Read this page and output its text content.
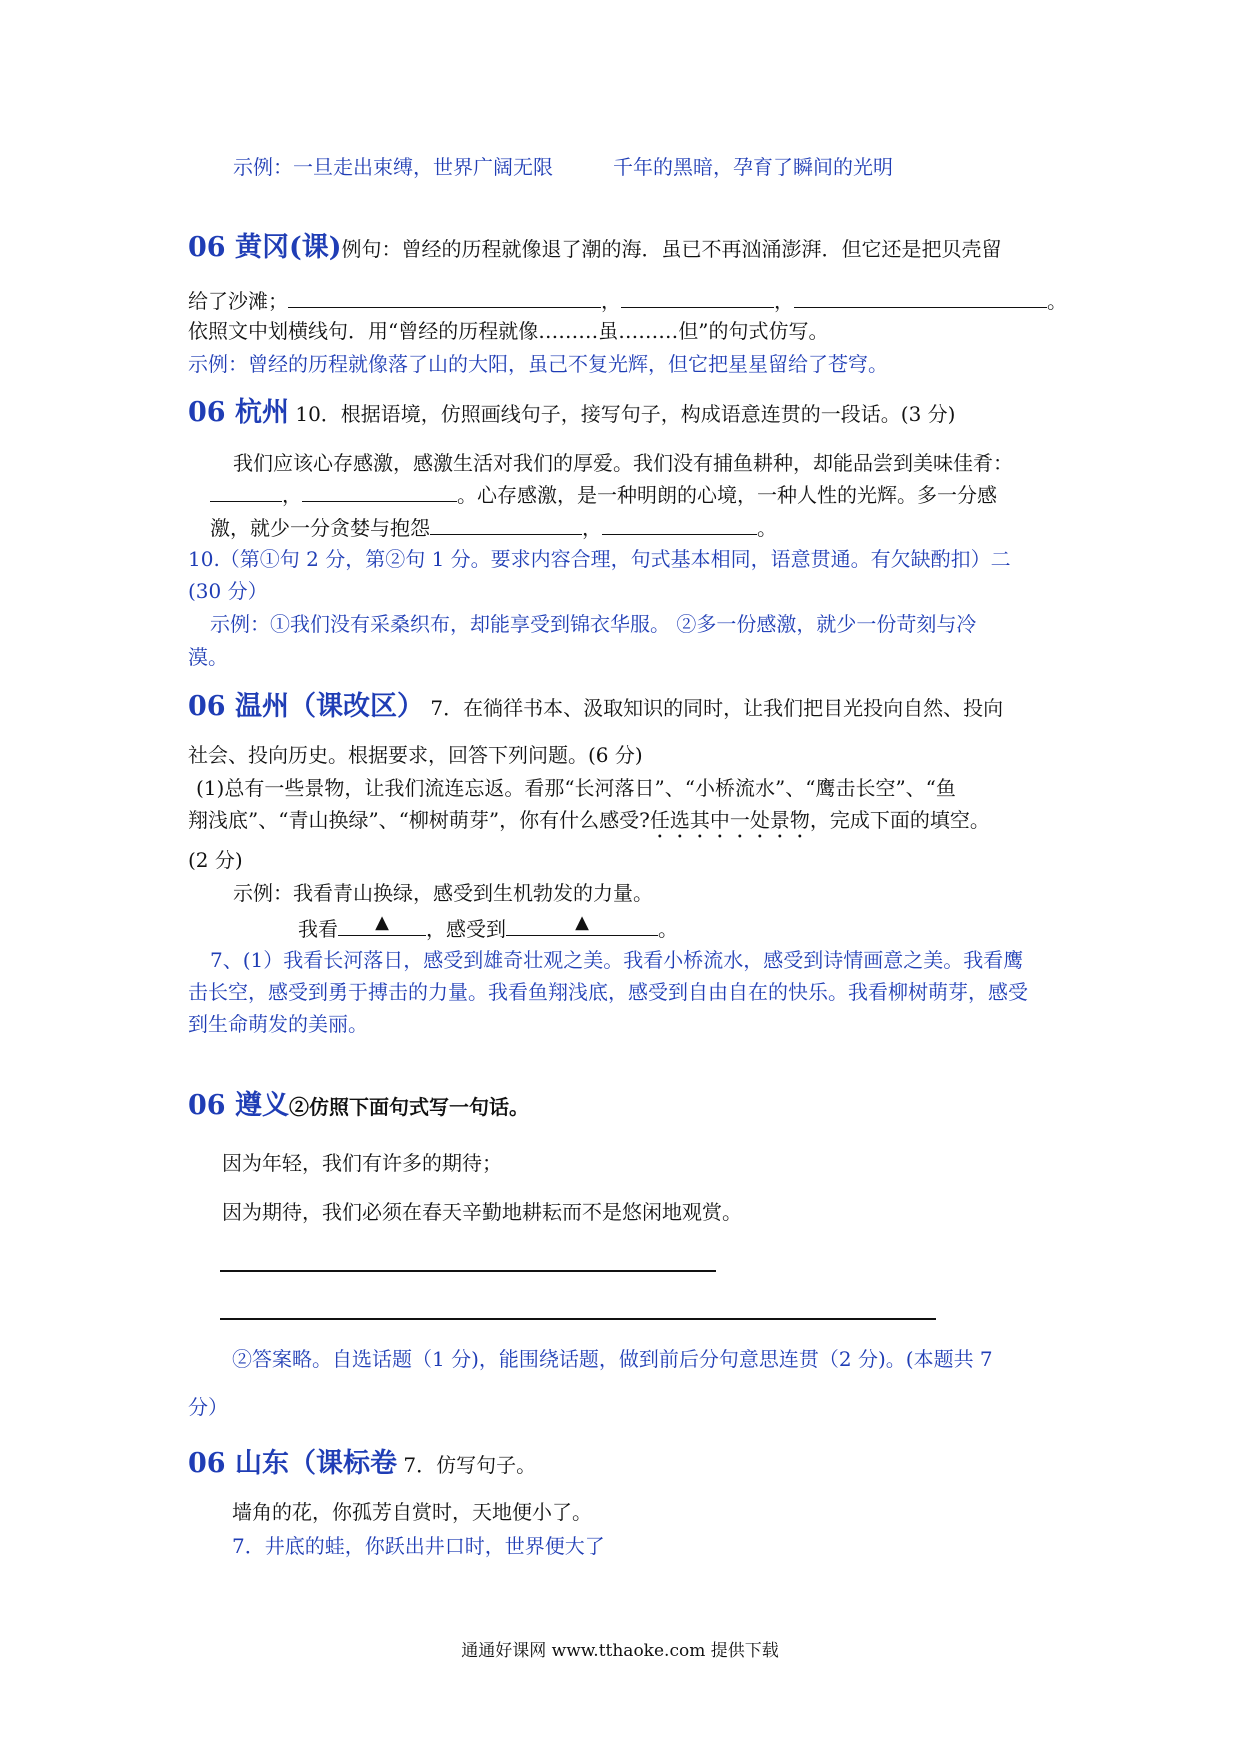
示例：一旦走出束缚，世界广阔无限　　　千年的黑暗，孕育了瞬间的光明
06 黄冈(课)例句：曾经的历程就像退了潮的海．虽已不再汹涌澎湃．但它还是把贝壳留
给了沙滩；	，	，	。
依照文中划横线句．用“曾经的历程就像………虽………但”的句式仿写。
示例：曾经的历程就像落了山的大阳，虽己不复光辉，但它把星星留给了苍穹。
06 杭州 10．根据语境，仿照画线句子，接写句子，构成语意连贯的一段话。(3 分)
我们应该心存感激，感激生活对我们的厚爱。我们没有捕鱼耕种，却能品尝到美味佳肴：
，	。心存感激，是一种明朗的心境，一种人性的光辉。多一分感
激，就少一分贪婪与抱怨	，	。
10.（第①句 2 分，第②句 1 分。要求内容合理，句式基本相同，语意贯通。有欠缺酌扣）二
(30 分）
示例：①我们没有采桑织布，却能享受到锦衣华服。 ②多一份感激，就少一份苛刻与冷
漠。
06 温州（课改区） 7．在徜徉书本、汲取知识的同时，让我们把目光投向自然、投向
社会、投向历史。根据要求，回答下列问题。(6 分)
(1)总有一些景物，让我们流连忘返。看那“长河落日”、“小桥流水”、“鹰击长空”、“鱼
翔浅底”、“青山换绿”、“柳树萌芽”，你有什么感受?任选其中一处景物，完成下面的填空。
(2 分)
示例：我看青山换绿，感受到生机勃发的力量。
我看 ▲ ，感受到	▲	。
7、(1）我看长河落日，感受到雄奇壮观之美。我看小桥流水，感受到诗情画意之美。我看鹰
击长空，感受到勇于搏击的力量。我看鱼翔浅底，感受到自由自在的快乐。我看柳树萌芽，感受
到生命萌发的美丽。
06 遵义②仿照下面句式写一句话。
因为年轻，我们有许多的期待；
因为期待，我们必须在春天辛勤地耕耘而不是悠闲地观赏。
②答案略。自选话题（1 分)，能围绕话题，做到前后分句意思连贯（2 分)。(本题共 7
分）
06 山东（课标卷 7．仿写句子。
墙角的花，你孤芳自赏时，天地便小了。
7．井底的蛙，你跃出井口时，世界便大了
通通好课网 www.tthaoke.com 提供下载
